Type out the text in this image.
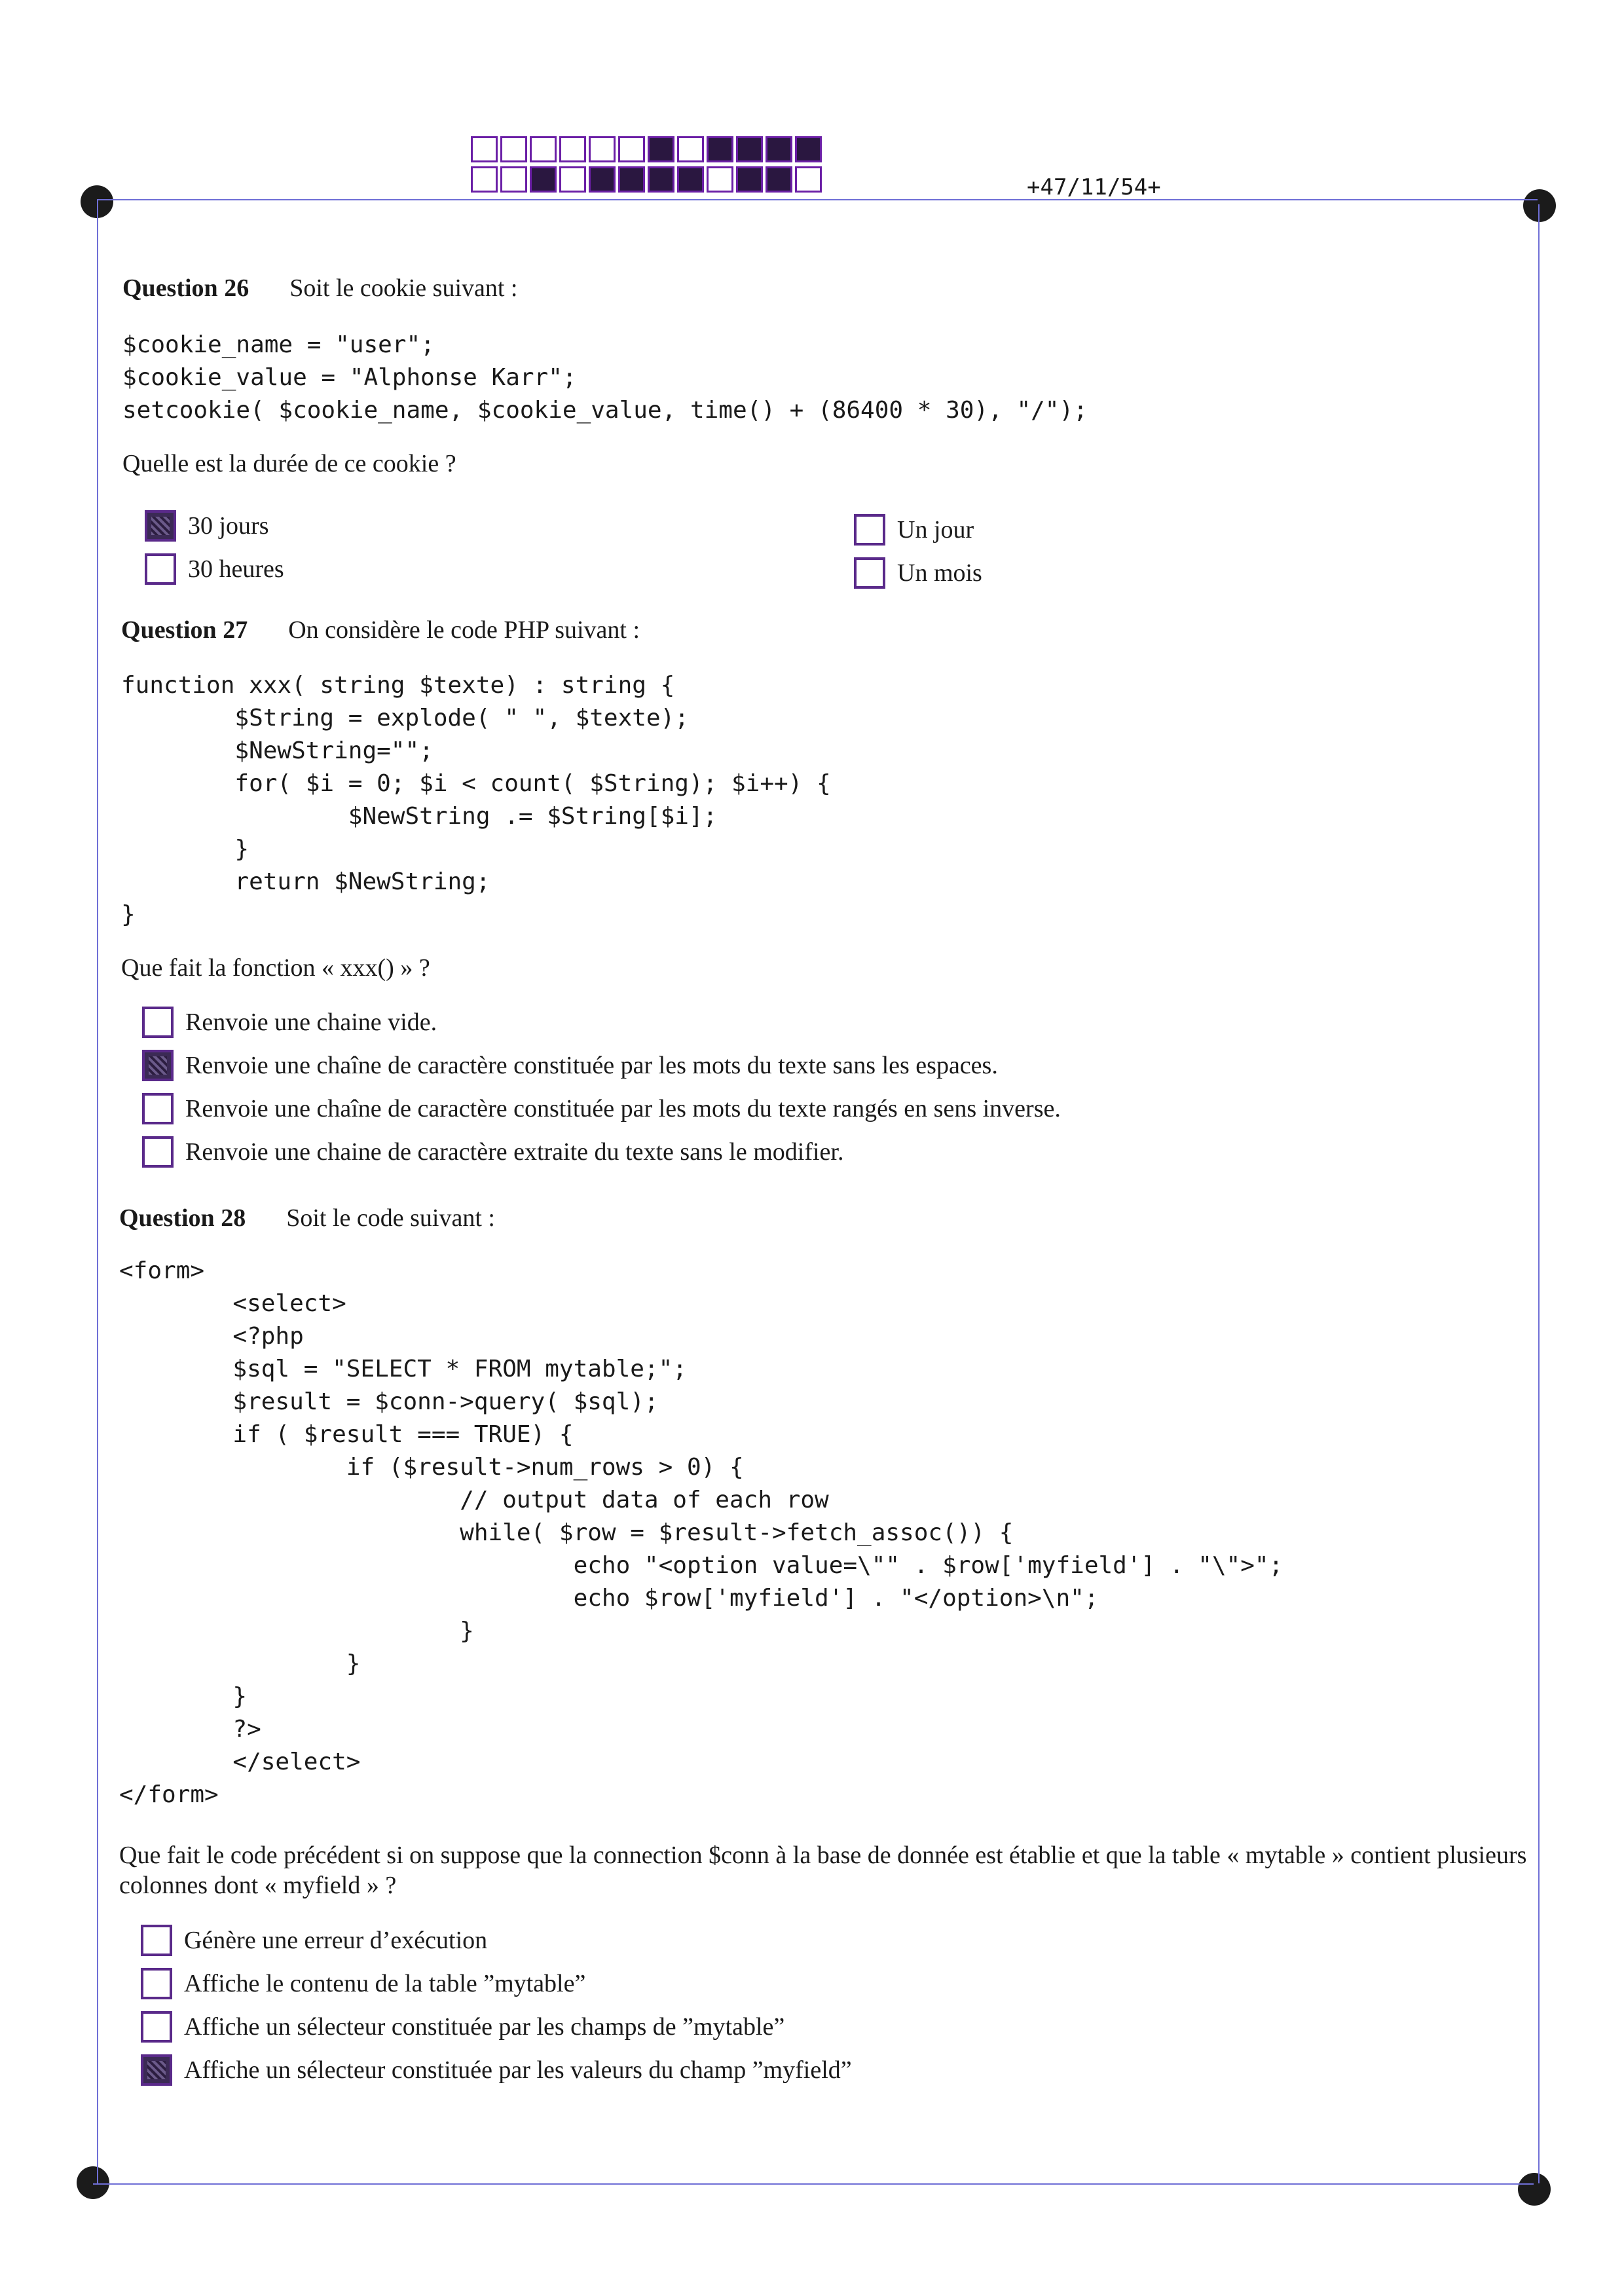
+47/11/54+
Question 26 Soit le cookie suivant :
$cookie_name = "user";
$cookie_value = "Alphonse Karr";
setcookie( $cookie_name, $cookie_value, time() + (86400 * 30), "/");
Quelle est la durée de ce cookie ?
30 jours
30 heures
Un jour
Un mois
Question 27 On considère le code PHP suivant :
function xxx( string $texte) : string {
$String = explode( " ", $texte);
$NewString="";
for( $i = 0; $i < count( $String); $i++) {
$NewString .= $String[$i];
}
return $NewString;
}
Que fait la fonction « xxx() » ?
Renvoie une chaine vide.
Renvoie une chaîne de caractère constituée par les mots du texte sans les espaces.
Renvoie une chaîne de caractère constituée par les mots du texte rangés en sens inverse.
Renvoie une chaine de caractère extraite du texte sans le modifier.
Question 28 Soit le code suivant :
<form>
<select>
<?php
$sql = "SELECT * FROM mytable;";
$result = $conn->query( $sql);
if ( $result === TRUE) {
if ($result->num_rows > 0) {
// output data of each row
while( $row = $result->fetch_assoc()) {
echo "<option value=\"" . $row['myfield'] . "\">";
echo $row['myfield'] . "</option>\n";
}
}
}
?>
</select>
</form>
Que fait le code précédent si on suppose que la connection $conn à la base de donnée est établie et que la table « mytable » contient plusieurs colonnes dont « myfield » ?
Génère une erreur d’exécution
Affiche le contenu de la table ”mytable”
Affiche un sélecteur constituée par les champs de ”mytable”
Affiche un sélecteur constituée par les valeurs du champ ”myfield”
